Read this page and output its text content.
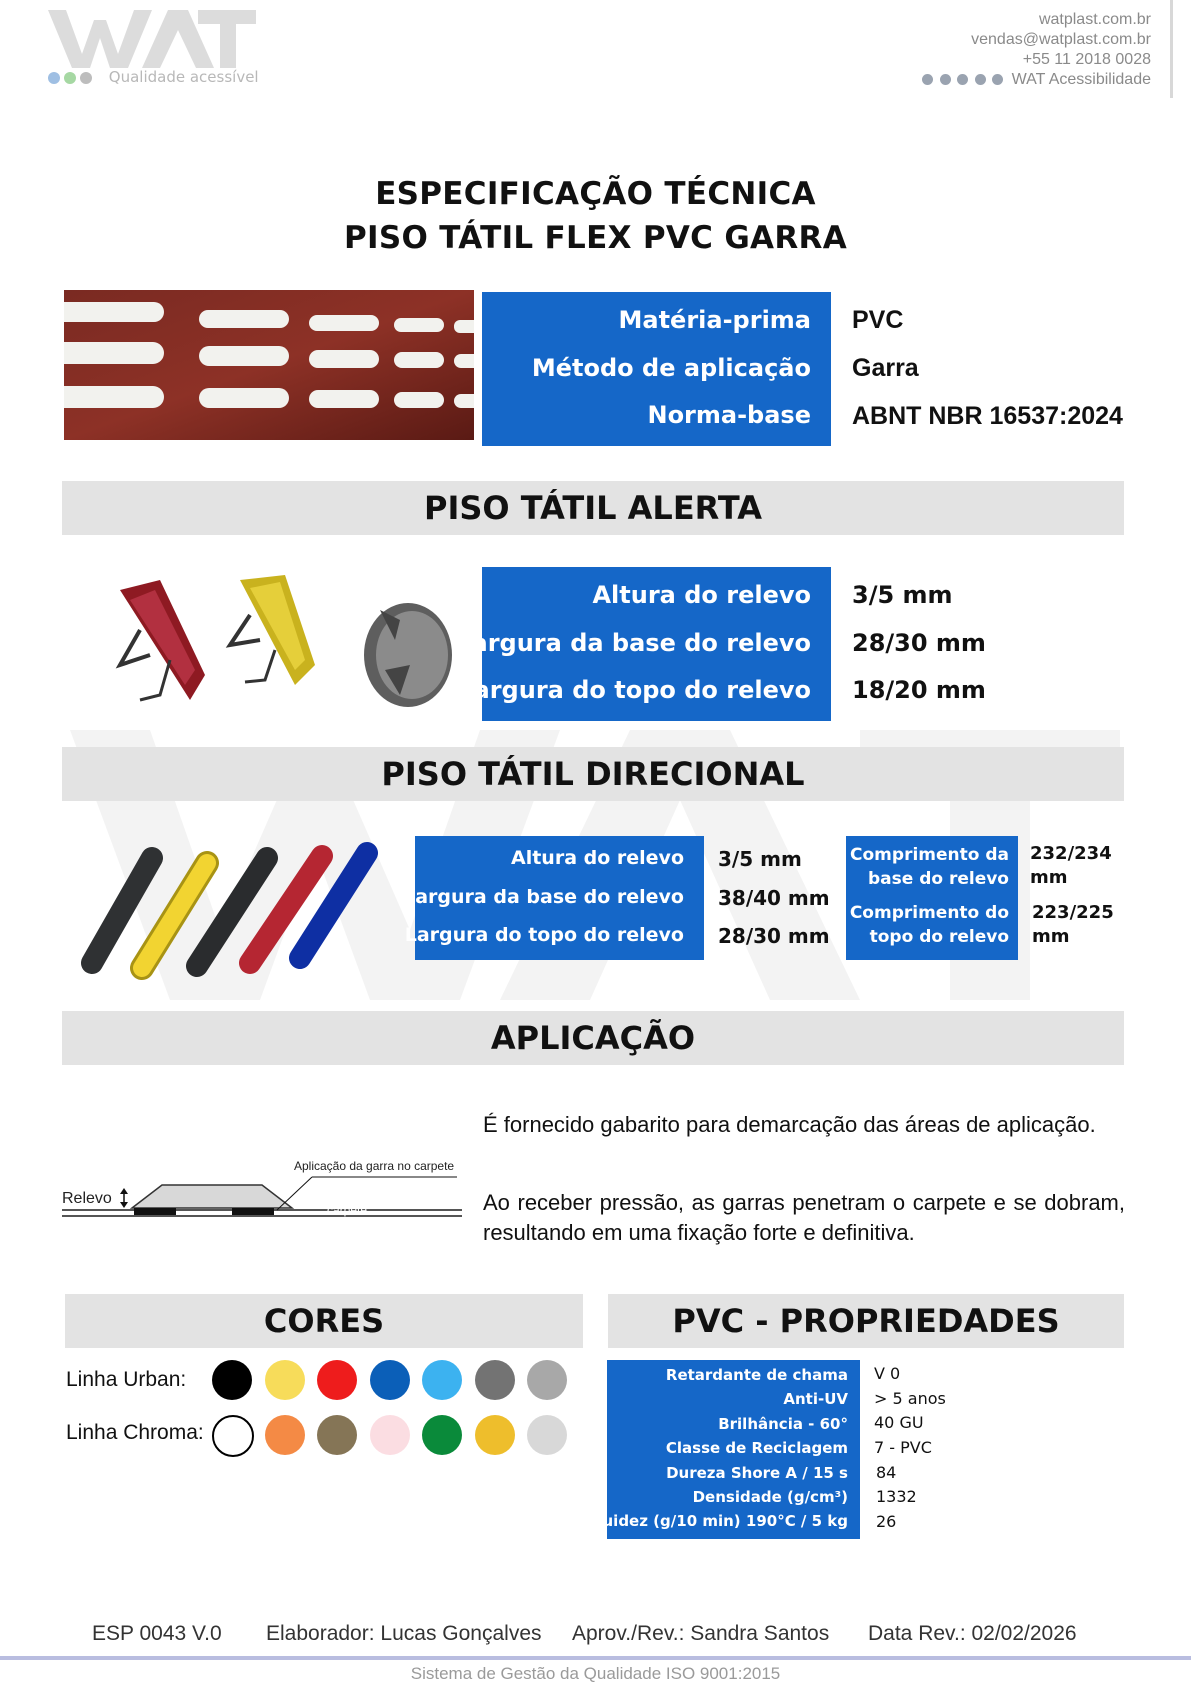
WAT
Qualidade acessível
watplast.com.br
vendas@watplast.com.br
+55 11 2018 0028
WAT Acessibilidade
ESPECIFICAÇÃO TÉCNICA
PISO TÁTIL FLEX PVC GARRA
Matéria-prima
Método de aplicação
Norma-base
PVC
Garra
ABNT NBR 16537:2024
PISO TÁTIL ALERTA
Altura do relevo
Largura da base do relevo
Largura do topo do relevo
3/5 mm
28/30 mm
18/20 mm
PISO TÁTIL DIRECIONAL
Altura do relevo
Largura da base do relevo
Largura do topo do relevo
3/5 mm
38/40 mm
28/30 mm
Comprimento da
base do relevo
Comprimento do
topo do relevo
232/234
mm
223/225
mm
APLICAÇÃO
Aplicação da garra no carpete
Relevo
carpete
É fornecido gabarito para demarcação das áreas de aplicação.
Ao receber pressão, as garras penetram o carpete e se dobram, resultando em uma fixação forte e definitiva.
CORES
Linha Urban:
Linha Chroma:
PVC - PROPRIEDADES
Retardante de chama
Anti-UV
Brilhância - 60°
Classe de Reciclagem
Dureza Shore A / 15 s
Densidade (g/cm³)
Fluidez (g/10 min) 190°C / 5 kg
V 0
> 5 anos
40 GU
7 - PVC
84
1332
26
ESP 0043 V.0 Elaborador: Lucas Gonçalves Aprov./Rev.: Sandra Santos Data Rev.: 02/02/2026
Sistema de Gestão da Qualidade ISO 9001:2015
